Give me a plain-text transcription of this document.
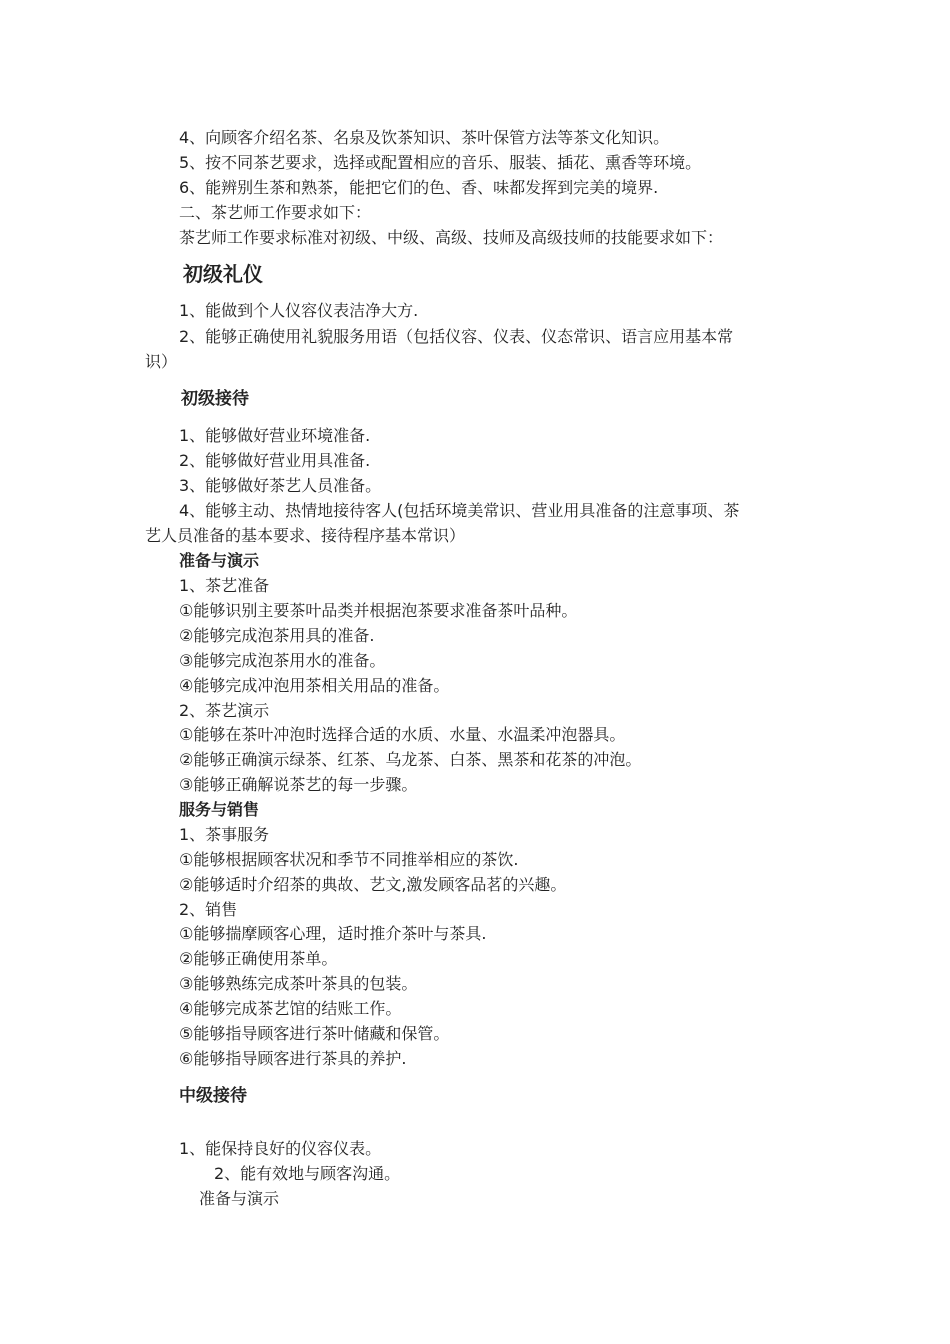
4、向顾客介绍名茶、名泉及饮茶知识、茶叶保管方法等茶文化知识。
5、按不同茶艺要求，选择或配置相应的音乐、服装、插花、熏香等环境。
6、能辨别生茶和熟茶，能把它们的色、香、味都发挥到完美的境界.
二、茶艺师工作要求如下：
茶艺师工作要求标准对初级、中级、高级、技师及高级技师的技能要求如下：
初级礼仪
1、能做到个人仪容仪表洁净大方.
2、能够正确使用礼貌服务用语（包括仪容、仪表、仪态常识、语言应用基本常
识）
初级接待
1、能够做好营业环境准备.
2、能够做好营业用具准备.
3、能够做好茶艺人员准备。
4、能够主动、热情地接待客人(包括环境美常识、营业用具准备的注意事项、茶
艺人员准备的基本要求、接待程序基本常识）
准备与演示
1、茶艺准备
①能够识别主要茶叶品类并根据泡茶要求准备茶叶品种。
②能够完成泡茶用具的准备.
③能够完成泡茶用水的准备。
④能够完成冲泡用茶相关用品的准备。
2、茶艺演示
①能够在茶叶冲泡时选择合适的水质、水量、水温柔冲泡器具。
②能够正确演示绿茶、红茶、乌龙茶、白茶、黑茶和花茶的冲泡。
③能够正确解说茶艺的每一步骤。
服务与销售
1、茶事服务
①能够根据顾客状况和季节不同推举相应的茶饮.
②能够适时介绍茶的典故、艺文,激发顾客品茗的兴趣。
2、销售
①能够揣摩顾客心理，适时推介茶叶与茶具.
②能够正确使用茶单。
③能够熟练完成茶叶茶具的包装。
④能够完成茶艺馆的结账工作。
⑤能够指导顾客进行茶叶储藏和保管。
⑥能够指导顾客进行茶具的养护.
中级接待
1、能保持良好的仪容仪表。
2、能有效地与顾客沟通。
准备与演示
